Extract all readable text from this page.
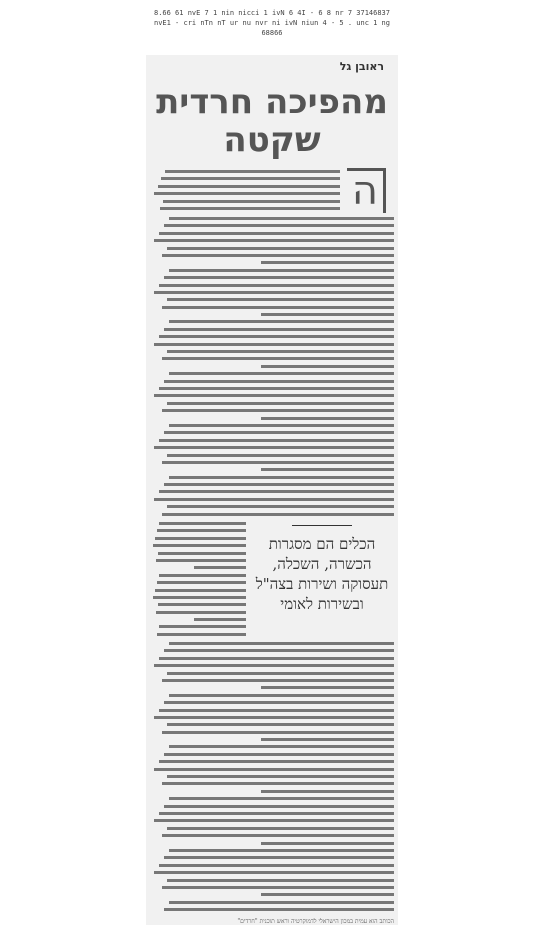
8.66 61 nvE 7 1 nin nicci 1 ivN 6 4I - 6 8 nr 7 37146837
nvE1 - cri nTn nT ur nu nvr ni ivN niun 4 - 5 . unc 1 ng
68866
ראובן גל
מהפיכה חרדית
שקטה
ה
הכלים הם מסגרות הכשרה, השכלה, תעסוקה ושירות בצה"ל ובשירות לאומי
הכותב הוא עמית במכון הישראלי לדמוקרטיה וראש תוכנית "חרדים"
